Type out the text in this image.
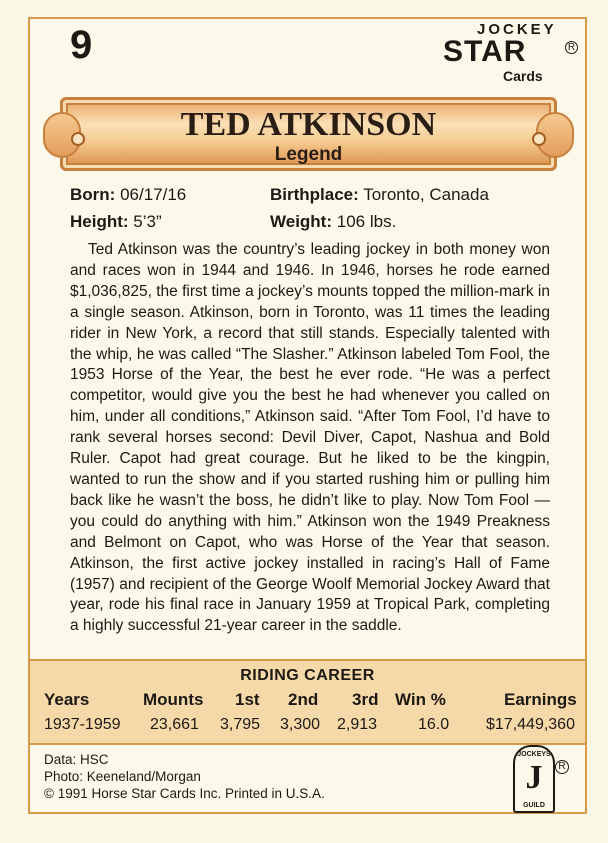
9	JOCKEY
STAR
Cards
R
TED ATKINSON
Legend
Born: 06/17/16	Birthplace: Toronto, Canada
Height: 5’3”	Weight: 106 lbs.

Ted Atkinson was the country’s leading jockey in both money won and races won in 1944 and 1946. In 1946, horses he rode earned $1,036,825, the first time a jockey’s mounts topped the million-mark in a single season. Atkinson, born in Toronto, was 11 times the leading rider in New York, a record that still stands. Especially talented with the whip, he was called “The Slasher.” Atkinson labeled Tom Fool, the 1953 Horse of the Year, the best he ever rode. “He was a perfect competitor, would give you the best he had whenever you called on him, under all conditions,” Atkinson said. “After Tom Fool, I’d have to rank several horses second: Devil Diver, Capot, Nashua and Bold Ruler. Capot had great courage. But he liked to be the kingpin, wanted to run the show and if you started rushing him or pulling him back like he wasn’t the boss, he didn’t like to play. Now Tom Fool — you could do anything with him.” Atkinson won the 1949 Preakness and Belmont on Capot, who was Horse of the Year that season. Atkinson, the first active jockey installed in racing’s Hall of Fame (1957) and recipient of the George Woolf Memorial Jockey Award that year, rode his final race in January 1959 at Tropical Park, completing a highly successful 21-year career in the saddle.

RIDING CAREER
Years	Mounts 1st 2nd 3rd Win %	Earnings
1937-1959 23,661 3,795 3,300 2,913	16.0 $17,449,360
Data: HSC
Photo: Keeneland/Morgan
© 1991 Horse Star Cards Inc. Printed in U.S.A.
JOCKEYS
J
GUILD
R
